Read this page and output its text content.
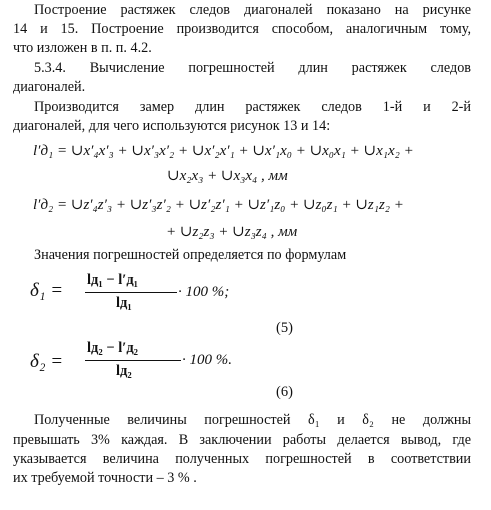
Построение растяжек следов диагоналей показано на рисунке
14 и 15. Построение производится способом, аналогичным тому,
что изложен в п. п. 4.2.
5.3.4. Вычисление погрешностей длин растяжек следов
диагоналей.
Производится замер длин растяжек следов 1-й и 2-й
диагоналей, для чего используются рисунок 13 и 14:
l′д₁ = ∪x′₄x′₃ + ∪x′₃x′₂ + ∪x′₂x′₁ + ∪x′₁x₀ + ∪x₀x₁ + ∪x₁x₂ +
∪x₂x₃ + ∪x₃x₄ , мм
l′д₂ = ∪z′₄z′₃ + ∪z′₃z′₂ + ∪z′₂z′₁ + ∪z′₁z₀ + ∪z₀z₁ + ∪z₁z₂ +
+ ∪z₂z₃ + ∪z₃z₄ , мм
Значения погрешностей определяется по формулам
δ₁ = lд₁ − l′д₁
lд₁
· 100 %;
(5)
δ₂ =
lд₂ − l′д₂
lд₂
· 100 %.
(6)
Полученные величины погрешностей δ₁ и δ₂ не должны
превышать 3% каждая. В заключении работы делается вывод, где
указывается величина полученных погрешностей в соответствии
их требуемой точности – 3 % .
